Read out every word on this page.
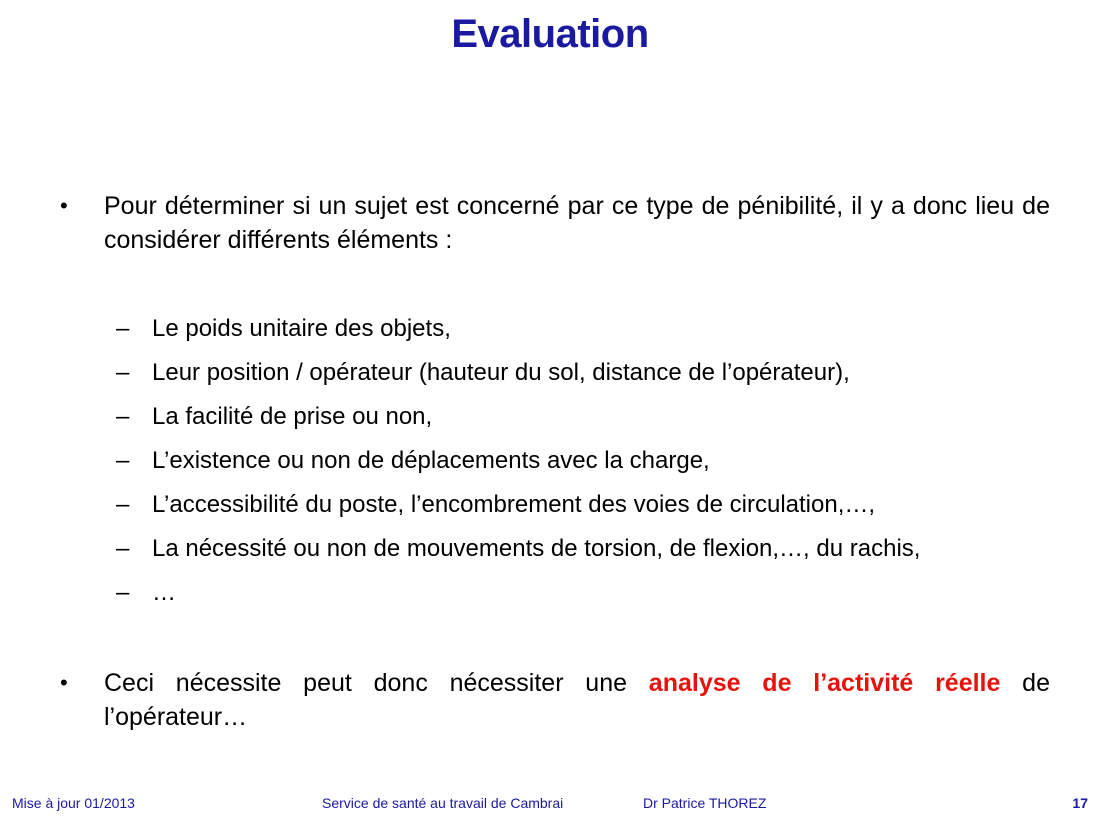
Evaluation
•	Pour déterminer si un sujet est concerné par ce type de pénibilité, il y a donc lieu de considérer différents éléments :
– Le poids unitaire des objets,
– Leur position / opérateur (hauteur du sol, distance de l’opérateur),
– La facilité de prise ou non,
– L’existence ou non de déplacements avec la charge,
– L’accessibilité du poste, l’encombrement des voies de circulation,…,
– La nécessité ou non de mouvements de torsion, de flexion,…, du rachis,
– …
•	Ceci nécessite peut donc nécessiter une analyse de l’activité réelle de l’opérateur…
Mise à jour 01/2013	Service de santé au travail de Cambrai	Dr Patrice THOREZ	17
